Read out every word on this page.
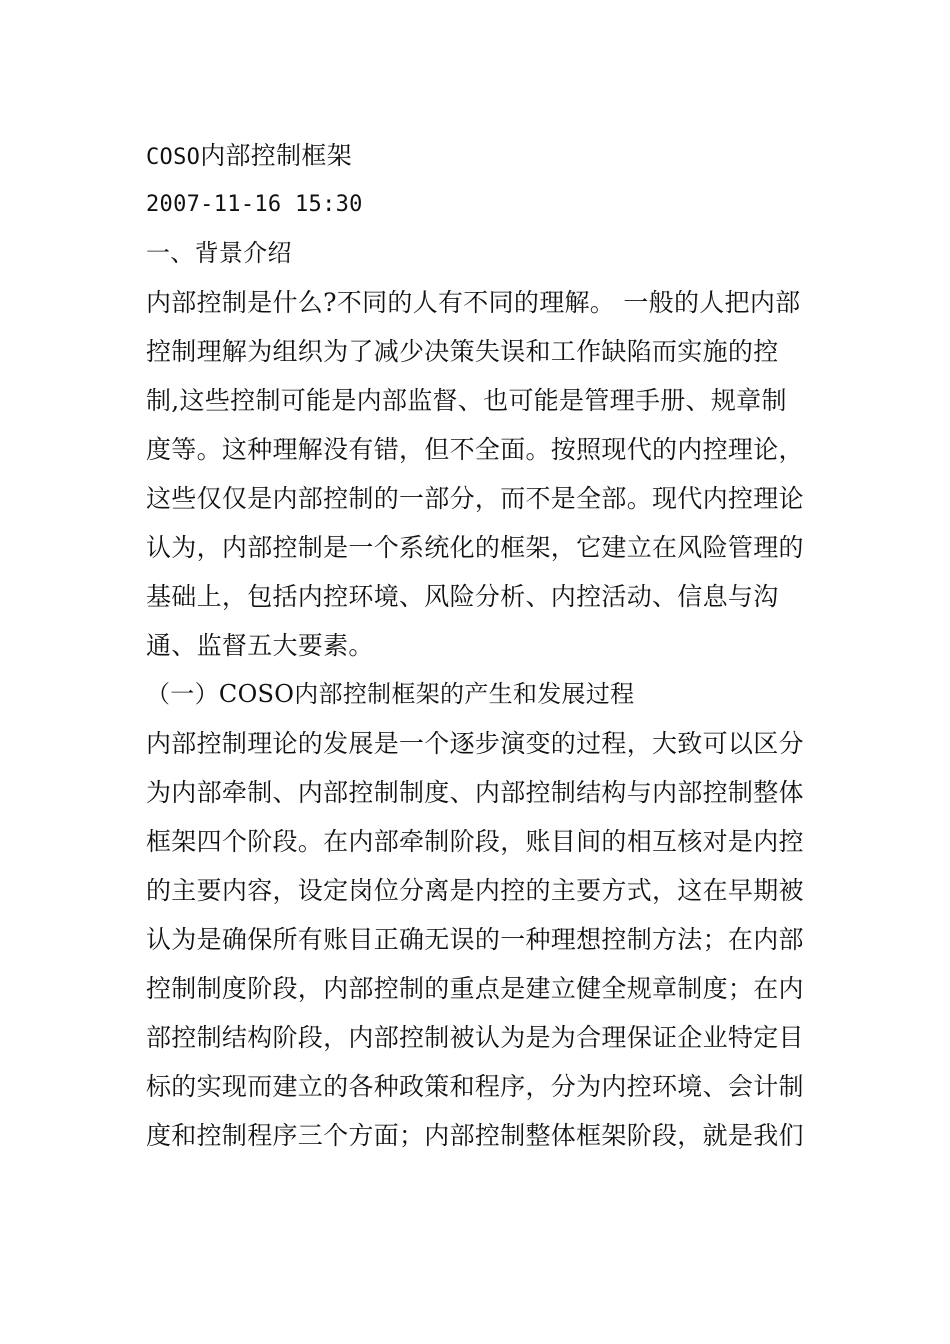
COSO内部控制框架
2007-11-16 15:30
一、背景介绍
内部控制是什么?不同的人有不同的理解。 一般的人把内部
控制理解为组织为了减少决策失误和工作缺陷而实施的控
制,这些控制可能是内部监督、也可能是管理手册、规章制
度等。这种理解没有错，但不全面。按照现代的内控理论，
这些仅仅是内部控制的一部分，而不是全部。现代内控理论
认为，内部控制是一个系统化的框架，它建立在风险管理的
基础上，包括内控环境、风险分析、内控活动、信息与沟
通、监督五大要素。
（一）COSO内部控制框架的产生和发展过程
内部控制理论的发展是一个逐步演变的过程，大致可以区分
为内部牵制、内部控制制度、内部控制结构与内部控制整体
框架四个阶段。在内部牵制阶段，账目间的相互核对是内控
的主要内容，设定岗位分离是内控的主要方式，这在早期被
认为是确保所有账目正确无误的一种理想控制方法；在内部
控制制度阶段，内部控制的重点是建立健全规章制度；在内
部控制结构阶段，内部控制被认为是为合理保证企业特定目
标的实现而建立的各种政策和程序，分为内控环境、会计制
度和控制程序三个方面；内部控制整体框架阶段，就是我们
